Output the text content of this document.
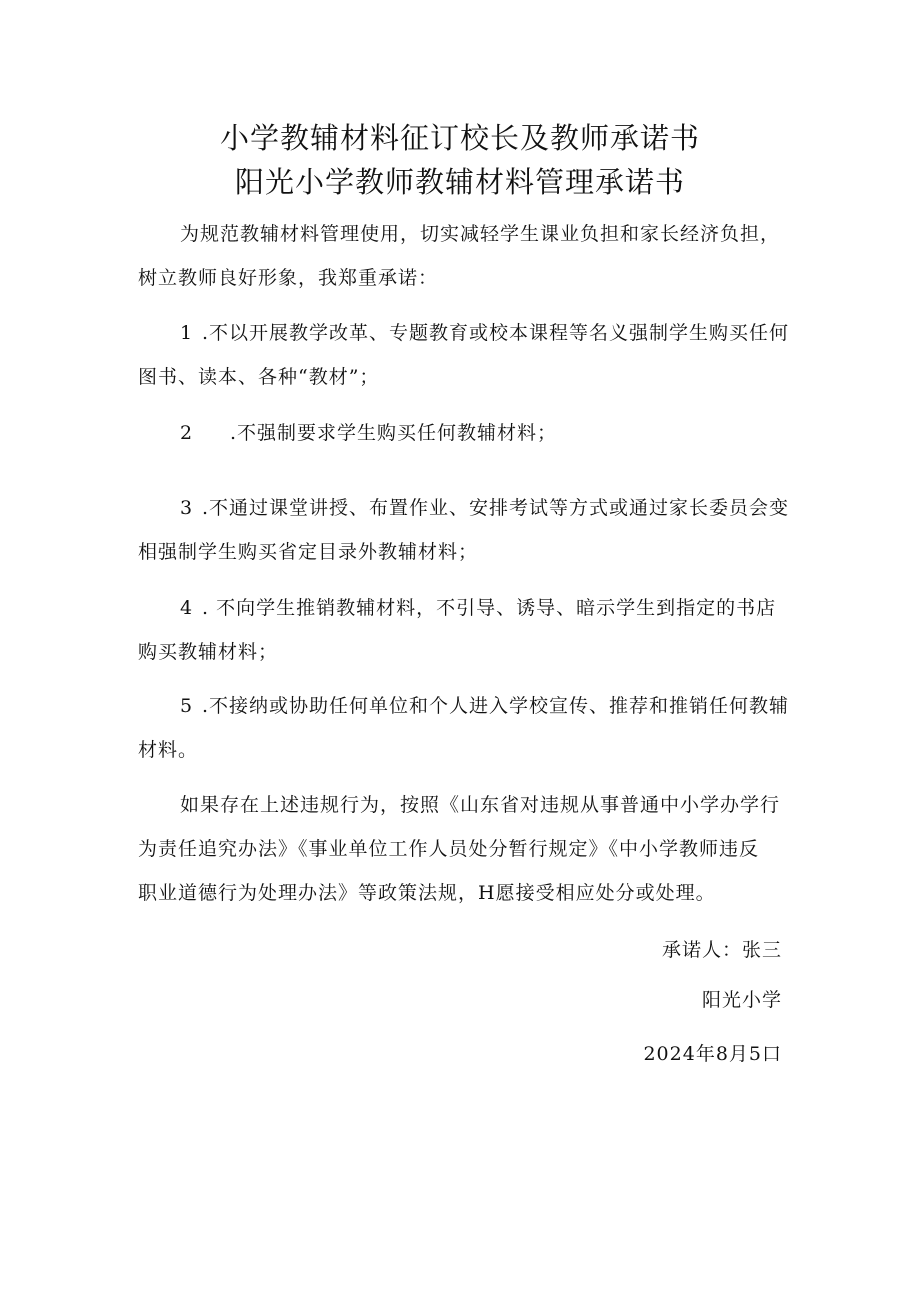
小学教辅材料征订校长及教师承诺书
阳光小学教师教辅材料管理承诺书
为规范教辅材料管理使用，切实减轻学生课业负担和家长经济负担，
树立教师良好形象，我郑重承诺：
1 .不以开展教学改革、专题教育或校本课程等名义强制学生购买任何
图书、读本、各种“教材”；
2 .不强制要求学生购买任何教辅材料；
3 .不通过课堂讲授、布置作业、安排考试等方式或通过家长委员会变
相强制学生购买省定目录外教辅材料；
4 . 不向学生推销教辅材料，不引导、诱导、暗示学生到指定的书店
购买教辅材料；
5 .不接纳或协助任何单位和个人进入学校宣传、推荐和推销任何教辅
材料。
如果存在上述违规行为，按照《山东省对违规从事普通中小学办学行
为责任追究办法》《事业单位工作人员处分暂行规定》《中小学教师违反
职业道德行为处理办法》等政策法规，H愿接受相应处分或处理。
承诺人：张三
阳光小学
2024年8月5口
